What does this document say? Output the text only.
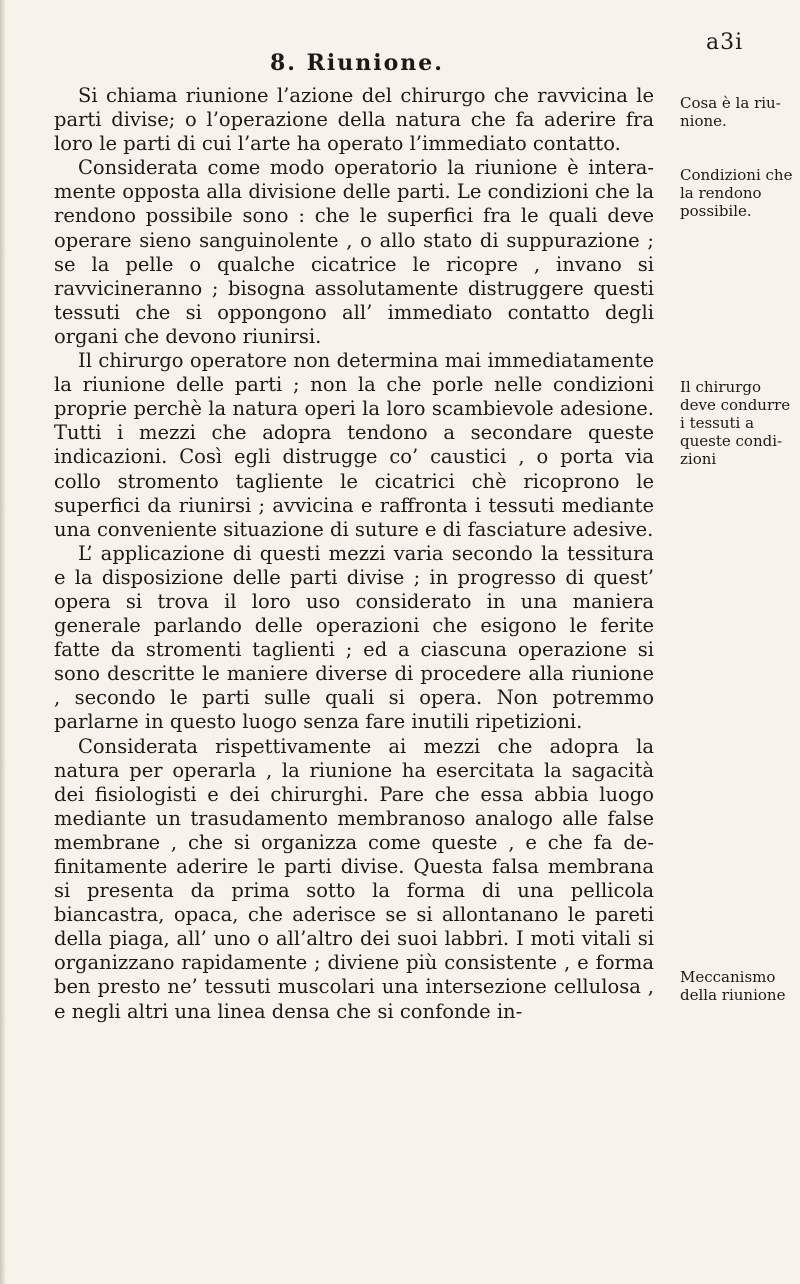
a3i
8. Riunione.

Si chiama riunione l’azione del chirurgo che ravvicina le parti divise; o l’operazione della natura che fa aderire fra loro le parti di cui l’arte ha operato l’immediato contatto.

Considerata come modo operatorio la riunione è interamente opposta alla divisione delle parti. Le condizioni che la rendono possibile sono : che le superfici fra le quali deve operare sieno sanguinolente , o allo stato di suppurazione ; se la pelle o qualche cicatrice le ricopre , invano si ravvicineranno ; bisogna assolutamente distruggere questi tessuti che si oppongono all’ immediato contatto degli organi che devono riunirsi.

Il chirurgo operatore non determina mai immediatamente la riunione delle parti ; non la che porle nelle condizioni proprie perchè la natura operi la loro scambievole adesione. Tutti i mezzi che adopra tendono a secondare queste indicazioni. Così egli distrugge co’ caustici , o porta via collo stromento tagliente le cicatrici chè ricoprono le superfici da riunirsi ; avvicina e raffronta i tessuti mediante una conveniente situazione di suture e di fasciature adesive.

L’ applicazione di questi mezzi varia secondo la tessitura e la disposizione delle parti divise ; in progresso di quest’ opera si trova il loro uso considerato in una maniera generale parlando delle operazioni che esigono le ferite fatte da stromenti taglienti ; ed a ciascuna operazione si sono descritte le maniere diverse di procedere alla riunione , secondo le parti sulle quali si opera. Non potremmo parlarne in questo luogo senza fare inutili ripetizioni.

Considerata rispettivamente ai mezzi che adopra la natura per operarla , la riunione ha esercitata la sagacità dei fisiologisti e dei chirurghi. Pare che essa abbia luogo mediante un trasudamento membranoso analogo alle false membrane , che si organizza come queste , e che fa definitamente aderire le parti divise. Questa falsa membrana si presenta da prima sotto la forma di una pellicola biancastra, opaca, che aderisce se si allontanano le pareti della piaga, all’ uno o all’altro dei suoi labbri. I moti vitali si organizzano rapidamente ; diviene più consistente , e forma ben presto ne’ tessuti muscolari una intersezione cellulosa , e negli altri una linea densa che si confonde in-

Cosa è la riunione.
Condizioni che la rendono possibile.
Il chirurgo deve condurre i tessuti a queste condizioni
Meccanismo della riunione
